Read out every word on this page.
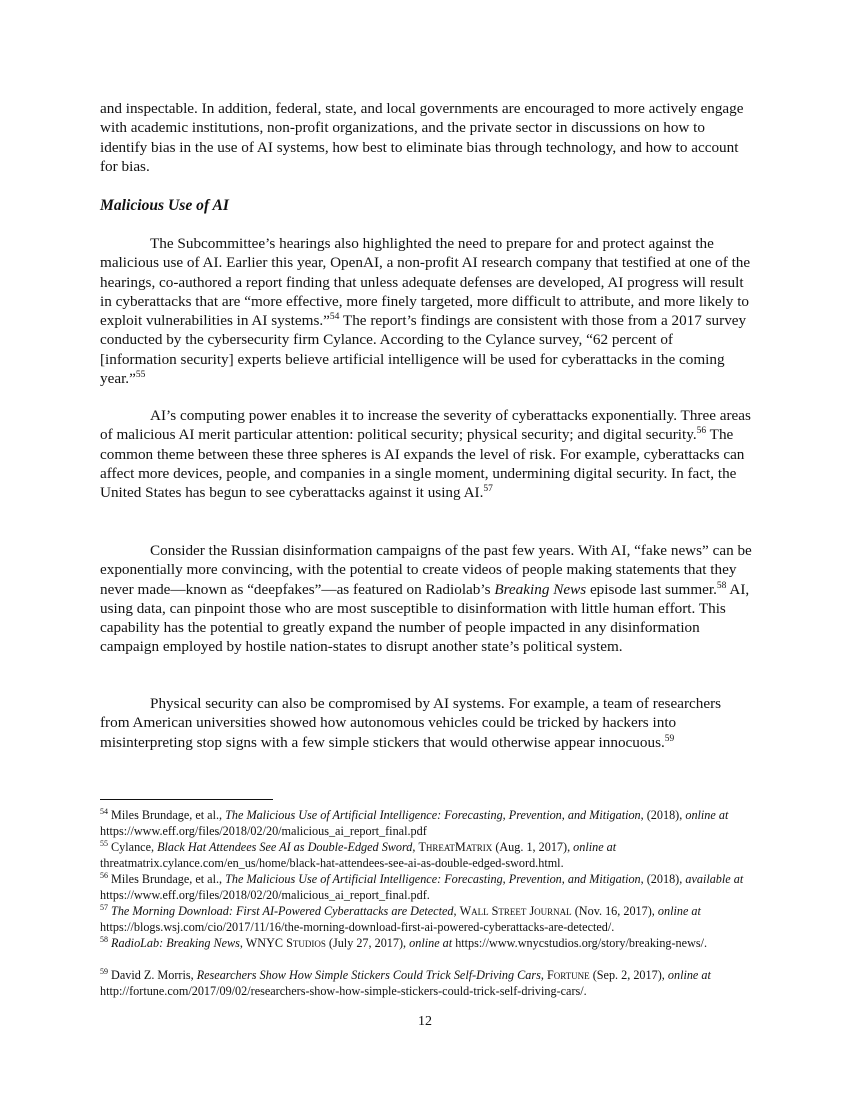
and inspectable. In addition, federal, state, and local governments are encouraged to more actively engage with academic institutions, non-profit organizations, and the private sector in discussions on how to identify bias in the use of AI systems, how best to eliminate bias through technology, and how to account for bias.

Malicious Use of AI

The Subcommittee’s hearings also highlighted the need to prepare for and protect against the malicious use of AI. Earlier this year, OpenAI, a non-profit AI research company that testified at one of the hearings, co-authored a report finding that unless adequate defenses are developed, AI progress will result in cyberattacks that are “more effective, more finely targeted, more difficult to attribute, and more likely to exploit vulnerabilities in AI systems.”$^{54}$ The report’s findings are consistent with those from a 2017 survey conducted by the cybersecurity firm Cylance. According to the Cylance survey, “62 percent of [information security] experts believe artificial intelligence will be used for cyberattacks in the coming year.”$^{55}$

AI’s computing power enables it to increase the severity of cyberattacks exponentially. Three areas of malicious AI merit particular attention: political security; physical security; and digital security.$^{56}$ The common theme between these three spheres is AI expands the level of risk. For example, cyberattacks can affect more devices, people, and companies in a single moment, undermining digital security. In fact, the United States has begun to see cyberattacks against it using AI.$^{57}$

Consider the Russian disinformation campaigns of the past few years. With AI, “fake news” can be exponentially more convincing, with the potential to create videos of people making statements that they never made—known as “deepfakes”—as featured on Radiolab’s Breaking News episode last summer.$^{58}$ AI, using data, can pinpoint those who are most susceptible to disinformation with little human effort. This capability has the potential to greatly expand the number of people impacted in any disinformation campaign employed by hostile nation-states to disrupt another state’s political system.

Physical security can also be compromised by AI systems. For example, a team of researchers from American universities showed how autonomous vehicles could be tricked by hackers into misinterpreting stop signs with a few simple stickers that would otherwise appear innocuous.$^{59}$

$^{54}$ Miles Brundage, et al., The Malicious Use of Artificial Intelligence: Forecasting, Prevention, and Mitigation, (2018), online at https://www.eff.org/files/2018/02/20/malicious_ai_report_final.pdf

$^{55}$ Cylance, Black Hat Attendees See AI as Double-Edged Sword, ThreatMatrix (Aug. 1, 2017), online at threatmatrix.cylance.com/en_us/home/black-hat-attendees-see-ai-as-double-edged-sword.html.

$^{56}$ Miles Brundage, et al., The Malicious Use of Artificial Intelligence: Forecasting, Prevention, and Mitigation, (2018), available at https://www.eff.org/files/2018/02/20/malicious_ai_report_final.pdf.

$^{57}$ The Morning Download: First AI-Powered Cyberattacks are Detected, Wall Street Journal (Nov. 16, 2017), online at https://blogs.wsj.com/cio/2017/11/16/the-morning-download-first-ai-powered-cyberattacks-are-detected/.

$^{58}$ RadioLab: Breaking News, WNYC Studios (July 27, 2017), online at https://www.wnycstudios.org/story/breaking-news/.

$^{59}$ David Z. Morris, Researchers Show How Simple Stickers Could Trick Self-Driving Cars, Fortune (Sep. 2, 2017), online at http://fortune.com/2017/09/02/researchers-show-how-simple-stickers-could-trick-self-driving-cars/.

12
